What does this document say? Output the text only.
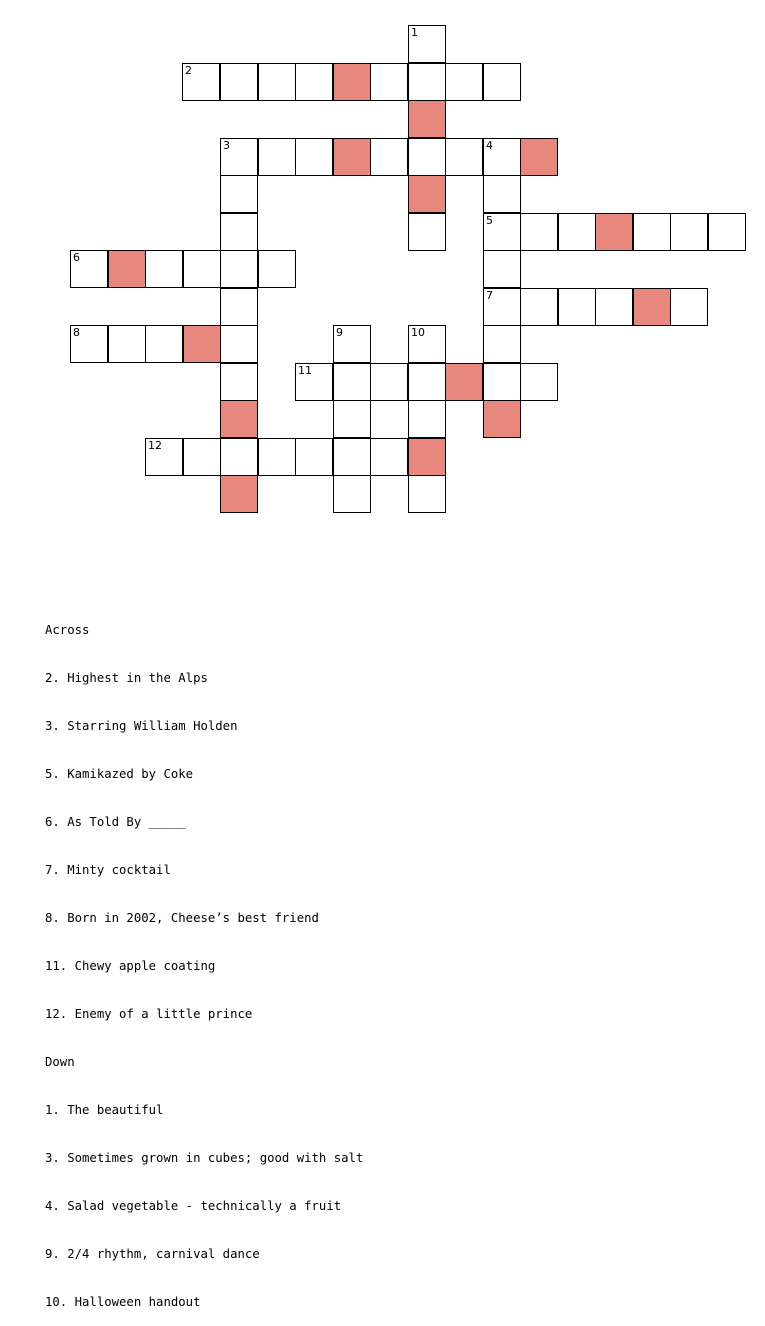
1
2
3	4
5
7
6
8	9	10
11
12

Across

2. Highest in the Alps

3. Starring William Holden

5. Kamikazed by Coke

6. As Told By _____

7. Minty cocktail

8. Born in 2002, Cheese’s best friend

11. Chewy apple coating

12. Enemy of a little prince

Down

1. The beautiful

3. Sometimes grown in cubes; good with salt

4. Salad vegetable - technically a fruit

9. 2/4 rhythm, carnival dance

10. Halloween handout
